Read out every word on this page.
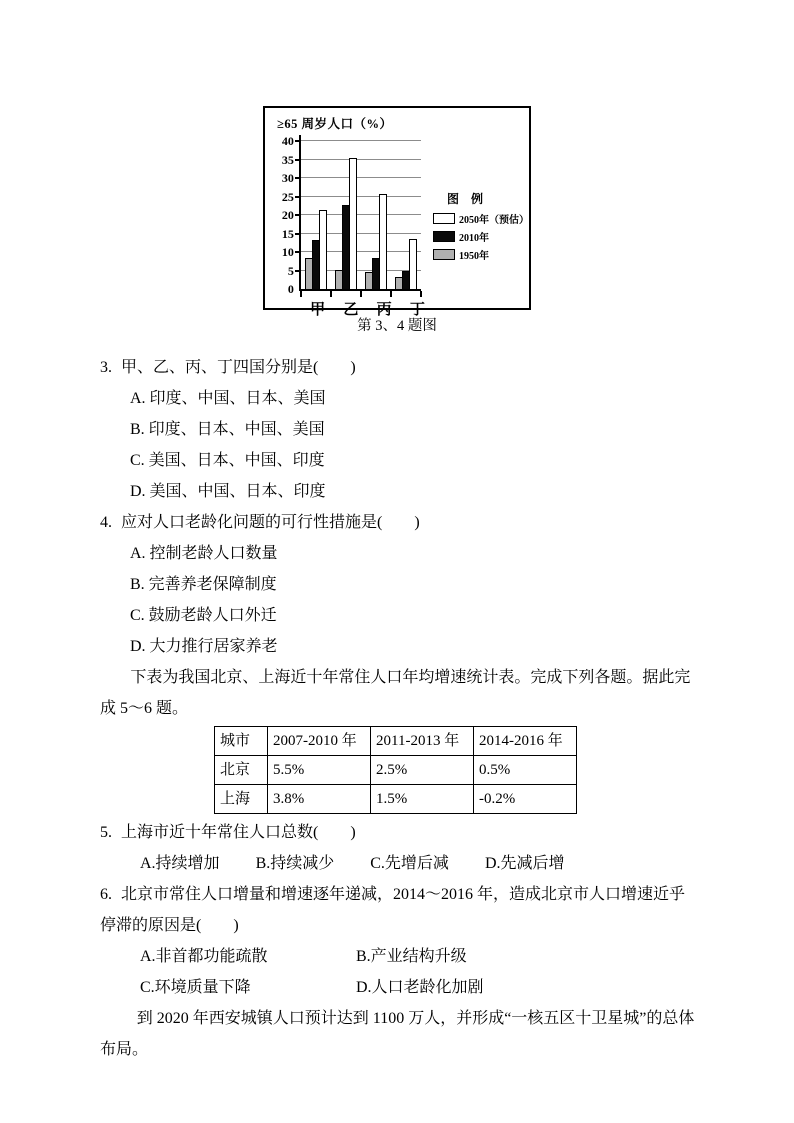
≥65 周岁人口（%）
40
35
30
25
20
15
10
5
0
图　例
2050年（预估）
2010年
1950年
甲	乙	丙	丁
第 3、4 题图

3. 甲、乙、丙、丁四国分别是(　　)

A. 印度、中国、日本、美国
B. 印度、日本、中国、美国
C. 美国、日本、中国、印度
D. 美国、中国、日本、印度

4. 应对人口老龄化问题的可行性措施是(　　)

A. 控制老龄人口数量
B. 完善养老保障制度
C. 鼓励老龄人口外迁
D. 大力推行居家养老

下表为我国北京、上海近十年常住人口年均增速统计表。完成下列各题。据此完成 5～6 题。

城市	2007-2010 年	2011-2013 年	2014-2016 年
北京	5.5%	2.5%	0.5%
上海	3.8%	1.5%	-0.2%

5. 上海市近十年常住人口总数(　　)

A.持续增加 B.持续减少 C.先增后减 D.先减后增

6. 北京市常住人口增量和增速逐年递减，2014～2016 年，造成北京市人口增速近乎停滞的原因是(　　)

A.非首都功能疏散	B.产业结构升级
C.环境质量下降	D.人口老龄化加剧

到 2020 年西安城镇人口预计达到 1100 万人，并形成“一核五区十卫星城”的总体布局。
